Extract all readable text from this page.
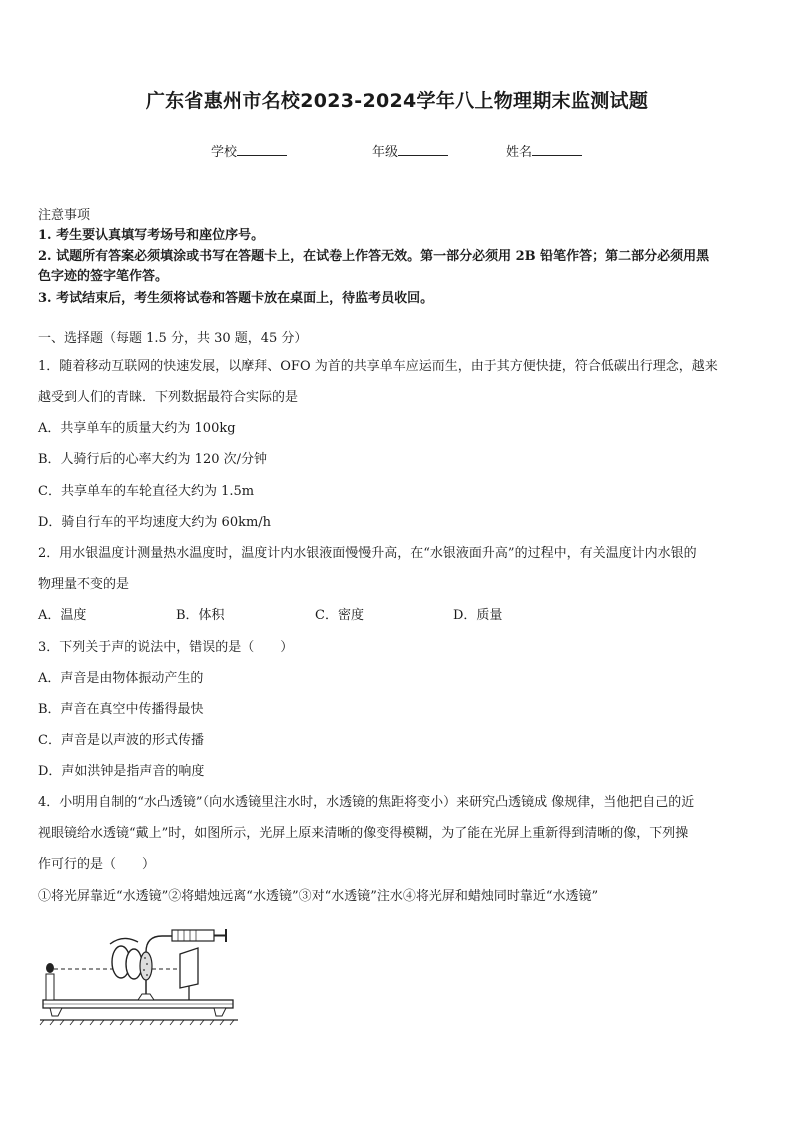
广东省惠州市名校2023-2024学年八上物理期末监测试题
学校	年级	姓名
注意事项
1. 考生要认真填写考场号和座位序号。
2. 试题所有答案必须填涂或书写在答题卡上，在试卷上作答无效。第一部分必须用 2B 铅笔作答；第二部分必须用黑
色字迹的签字笔作答。
3. 考试结束后，考生须将试卷和答题卡放在桌面上，待监考员收回。
一、选择题（每题 1.5 分，共 30 题，45 分）
1．随着移动互联网的快速发展，以摩拜、OFO 为首的共享单车应运而生，由于其方便快捷，符合低碳出行理念，越来
越受到人们的青睐．下列数据最符合实际的是
A．共享单车的质量大约为 100kg
B．人骑行后的心率大约为 120 次/分钟
C．共享单车的车轮直径大约为 1.5m
D．骑自行车的平均速度大约为 60km/h
2．用水银温度计测量热水温度时，温度计内水银液面慢慢升高，在“水银液面升高”的过程中，有关温度计内水银的
物理量不变的是
A．温度	B．体积	C．密度	D．质量
3．下列关于声的说法中，错误的是（　　）
A．声音是由物体振动产生的
B．声音在真空中传播得最快
C．声音是以声波的形式传播
D．声如洪钟是指声音的响度
4．小明用自制的“水凸透镜”（向水透镜里注水时，水透镜的焦距将变小）来研究凸透镜成 像规律，当他把自己的近
视眼镜给水透镜“戴上”时，如图所示，光屏上原来清晰的像变得模糊，为了能在光屏上重新得到清晰的像，下列操
作可行的是（　　）
①将光屏靠近“水透镜”②将蜡烛远离“水透镜”③对“水透镜”注水④将光屏和蜡烛同时靠近“水透镜”
